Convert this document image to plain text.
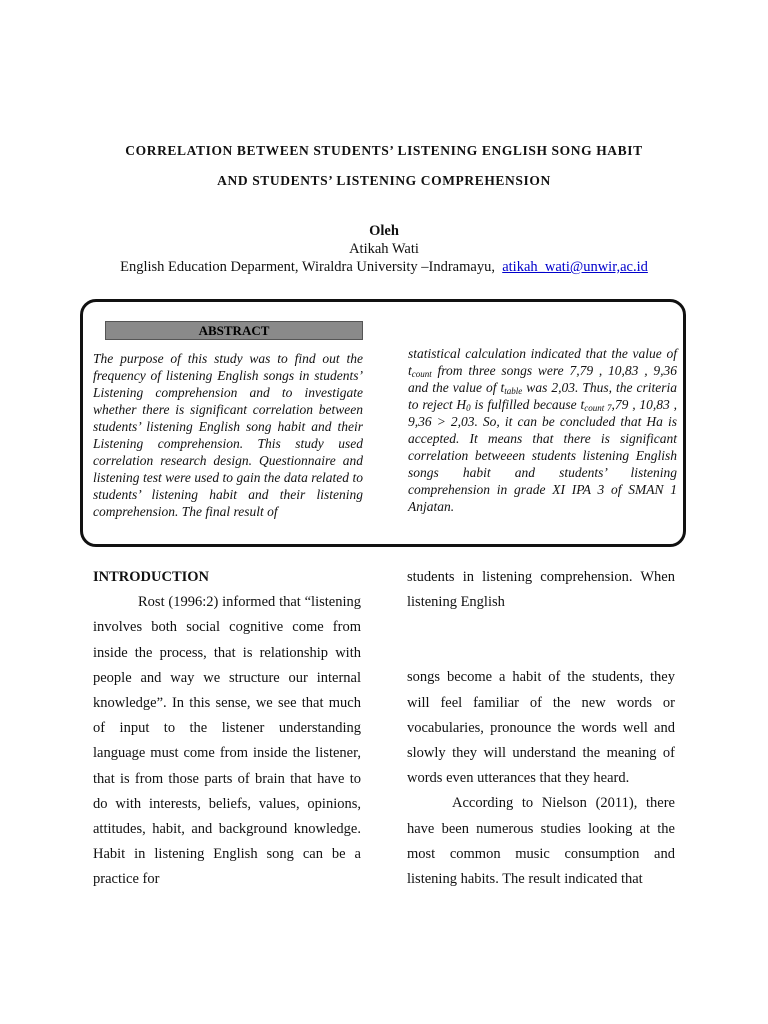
CORRELATION BETWEEN STUDENTS’ LISTENING ENGLISH SONG HABIT
AND STUDENTS’ LISTENING COMPREHENSION
Oleh
Atikah Wati
English Education Deparment, Wiraldra University –Indramayu, atikah_wati@unwir,ac.id
ABSTRACT
The purpose of this study was to find out the frequency of listening English songs in students’ Listening comprehension and to investigate whether there is significant correlation between students’ listening English song habit and their Listening comprehension. This study used correlation research design. Questionnaire and listening test were used to gain the data related to students’ listening habit and their listening comprehension. The final result of
statistical calculation indicated that the value of $t_{count}$ from three songs were 7,79 , 10,83 , 9,36 and the value of $t_{table}$ was 2,03. Thus, the criteria to reject $H_0$ is fulfilled because $t_{count 7},79$ , 10,83 , 9,36 > 2,03. So, it can be concluded that Ha is accepted. It means that there is significant correlation betweeen students listening English songs habit and students’ listening comprehension in grade XI IPA 3 of SMAN 1 Anjatan.

INTRODUCTION

Rost (1996:2) informed that “listening involves both social cognitive come from inside the process, that is relationship with people and way we structure our internal knowledge”. In this sense, we see that much of input to the listener understanding language must come from inside the listener, that is from those parts of brain that have to do with interests, beliefs, values, opinions, attitudes, habit, and background knowledge. Habit in listening English song can be a practice for

students in listening comprehension. When listening English

songs become a habit of the students, they will feel familiar of the new words or vocabularies, pronounce the words well and slowly they will understand the meaning of words even utterances that they heard.

According to Nielson (2011), there have been numerous studies looking at the most common music consumption and listening habits. The result indicated that
